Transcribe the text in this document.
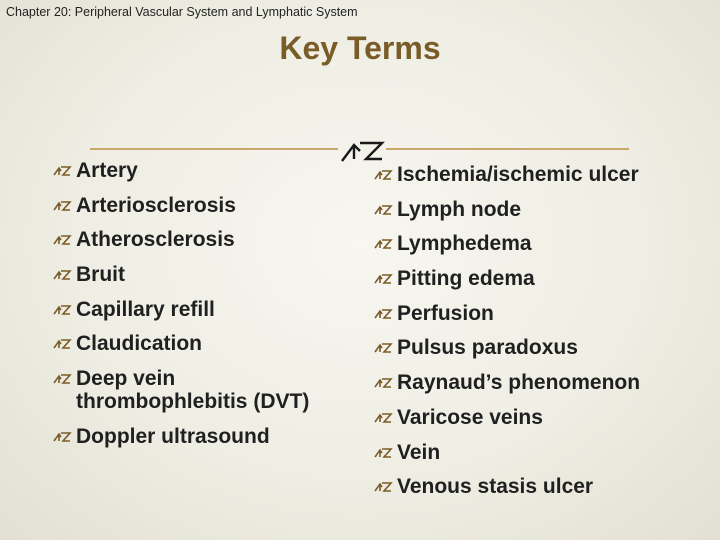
Chapter 20: Peripheral Vascular System and Lymphatic System
Key Terms
Artery
Arteriosclerosis
Atherosclerosis
Bruit
Capillary refill
Claudication
Deep vein thrombophlebitis (DVT)
Doppler ultrasound
Ischemia/ischemic ulcer
Lymph node
Lymphedema
Pitting edema
Perfusion
Pulsus paradoxus
Raynaud’s phenomenon
Varicose veins
Vein
Venous stasis ulcer
